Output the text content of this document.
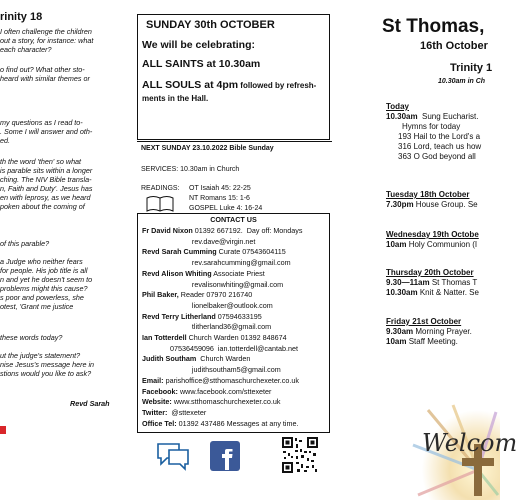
rinity 18
I often challenge the children
out a story, for instance: what
each character?
o find out? What other sto-
heard with similar themes or
my questions as I read to-
. Some I will answer and oth-
ed.
th the word 'then' so what
is parable sits within a longer
ching. The NIV Bible transla-
n, Faith and Duty'. Jesus has
en with leprosy, as we heard
poken about the coming of
of this parable?
a Judge who neither fears
for people. His job title is all
n and yet he doesn't seem to
problems might this cause?
s poor and powerless, she
otest, 'Grant me justice
these words today?
ut the judge's statement?
nise Jesus's message here in
stions would you like to ask?
Revd Sarah
SUNDAY 30th OCTOBER
We will be celebrating:
ALL SAINTS at 10.30am
ALL SOULS at 4pm followed by refresh-
ments in the Hall.
NEXT SUNDAY 23.10.2022 Bible Sunday
SERVICES: 10.30am in Church
READINGS: OT Isaiah 45: 22-25
NT Romans 15: 1-6
GOSPEL Luke 4: 16-24
CONTACT US
Fr David Nixon 01392 667192.  Day off: Mondays
rev.dave@virgin.net
Revd Sarah Cumming Curate 07543604115
rev.sarahcumming@gmail.com
Revd Alison Whiting Associate Priest
revalisonwhiting@gmail.com
Phil Baker, Reader 07970 216740
lionelbaker@outlook.com
Revd Terry Litherland 07594633195
tlitherland36@gmail.com
Ian Totterdell Church Warden 01392 848674
07536459096  ian.totterdell@cantab.net
Judith Southam  Church Warden
judithsoutham5@gmail.com
Email: parishoffice@stthomaschurchexeter.co.uk
Facebook: www.facebook.com/sttexeter
Website: www.stthomaschurchexeter.co.uk
Twitter:  @sttexeter
Office Tel: 01392 437486 Messages at any time.
St Thomas,
16th October
Trinity 1
10.30am in Ch
Today
10.30am Sung Eucharist.
Hymns for today
193 Hail to the Lord's a
316 Lord, teach us how
363 O God beyond all
Tuesday 18th October
7.30pm House Group. Se
Wednesday 19th Octobe
10am Holy Communion (I
Thursday 20th October
9.30—11am St Thomas T
10.30am Knit & Natter. Se
Friday 21st October
9.30am Morning Prayer.
10am Staff Meeting.
Welcom
